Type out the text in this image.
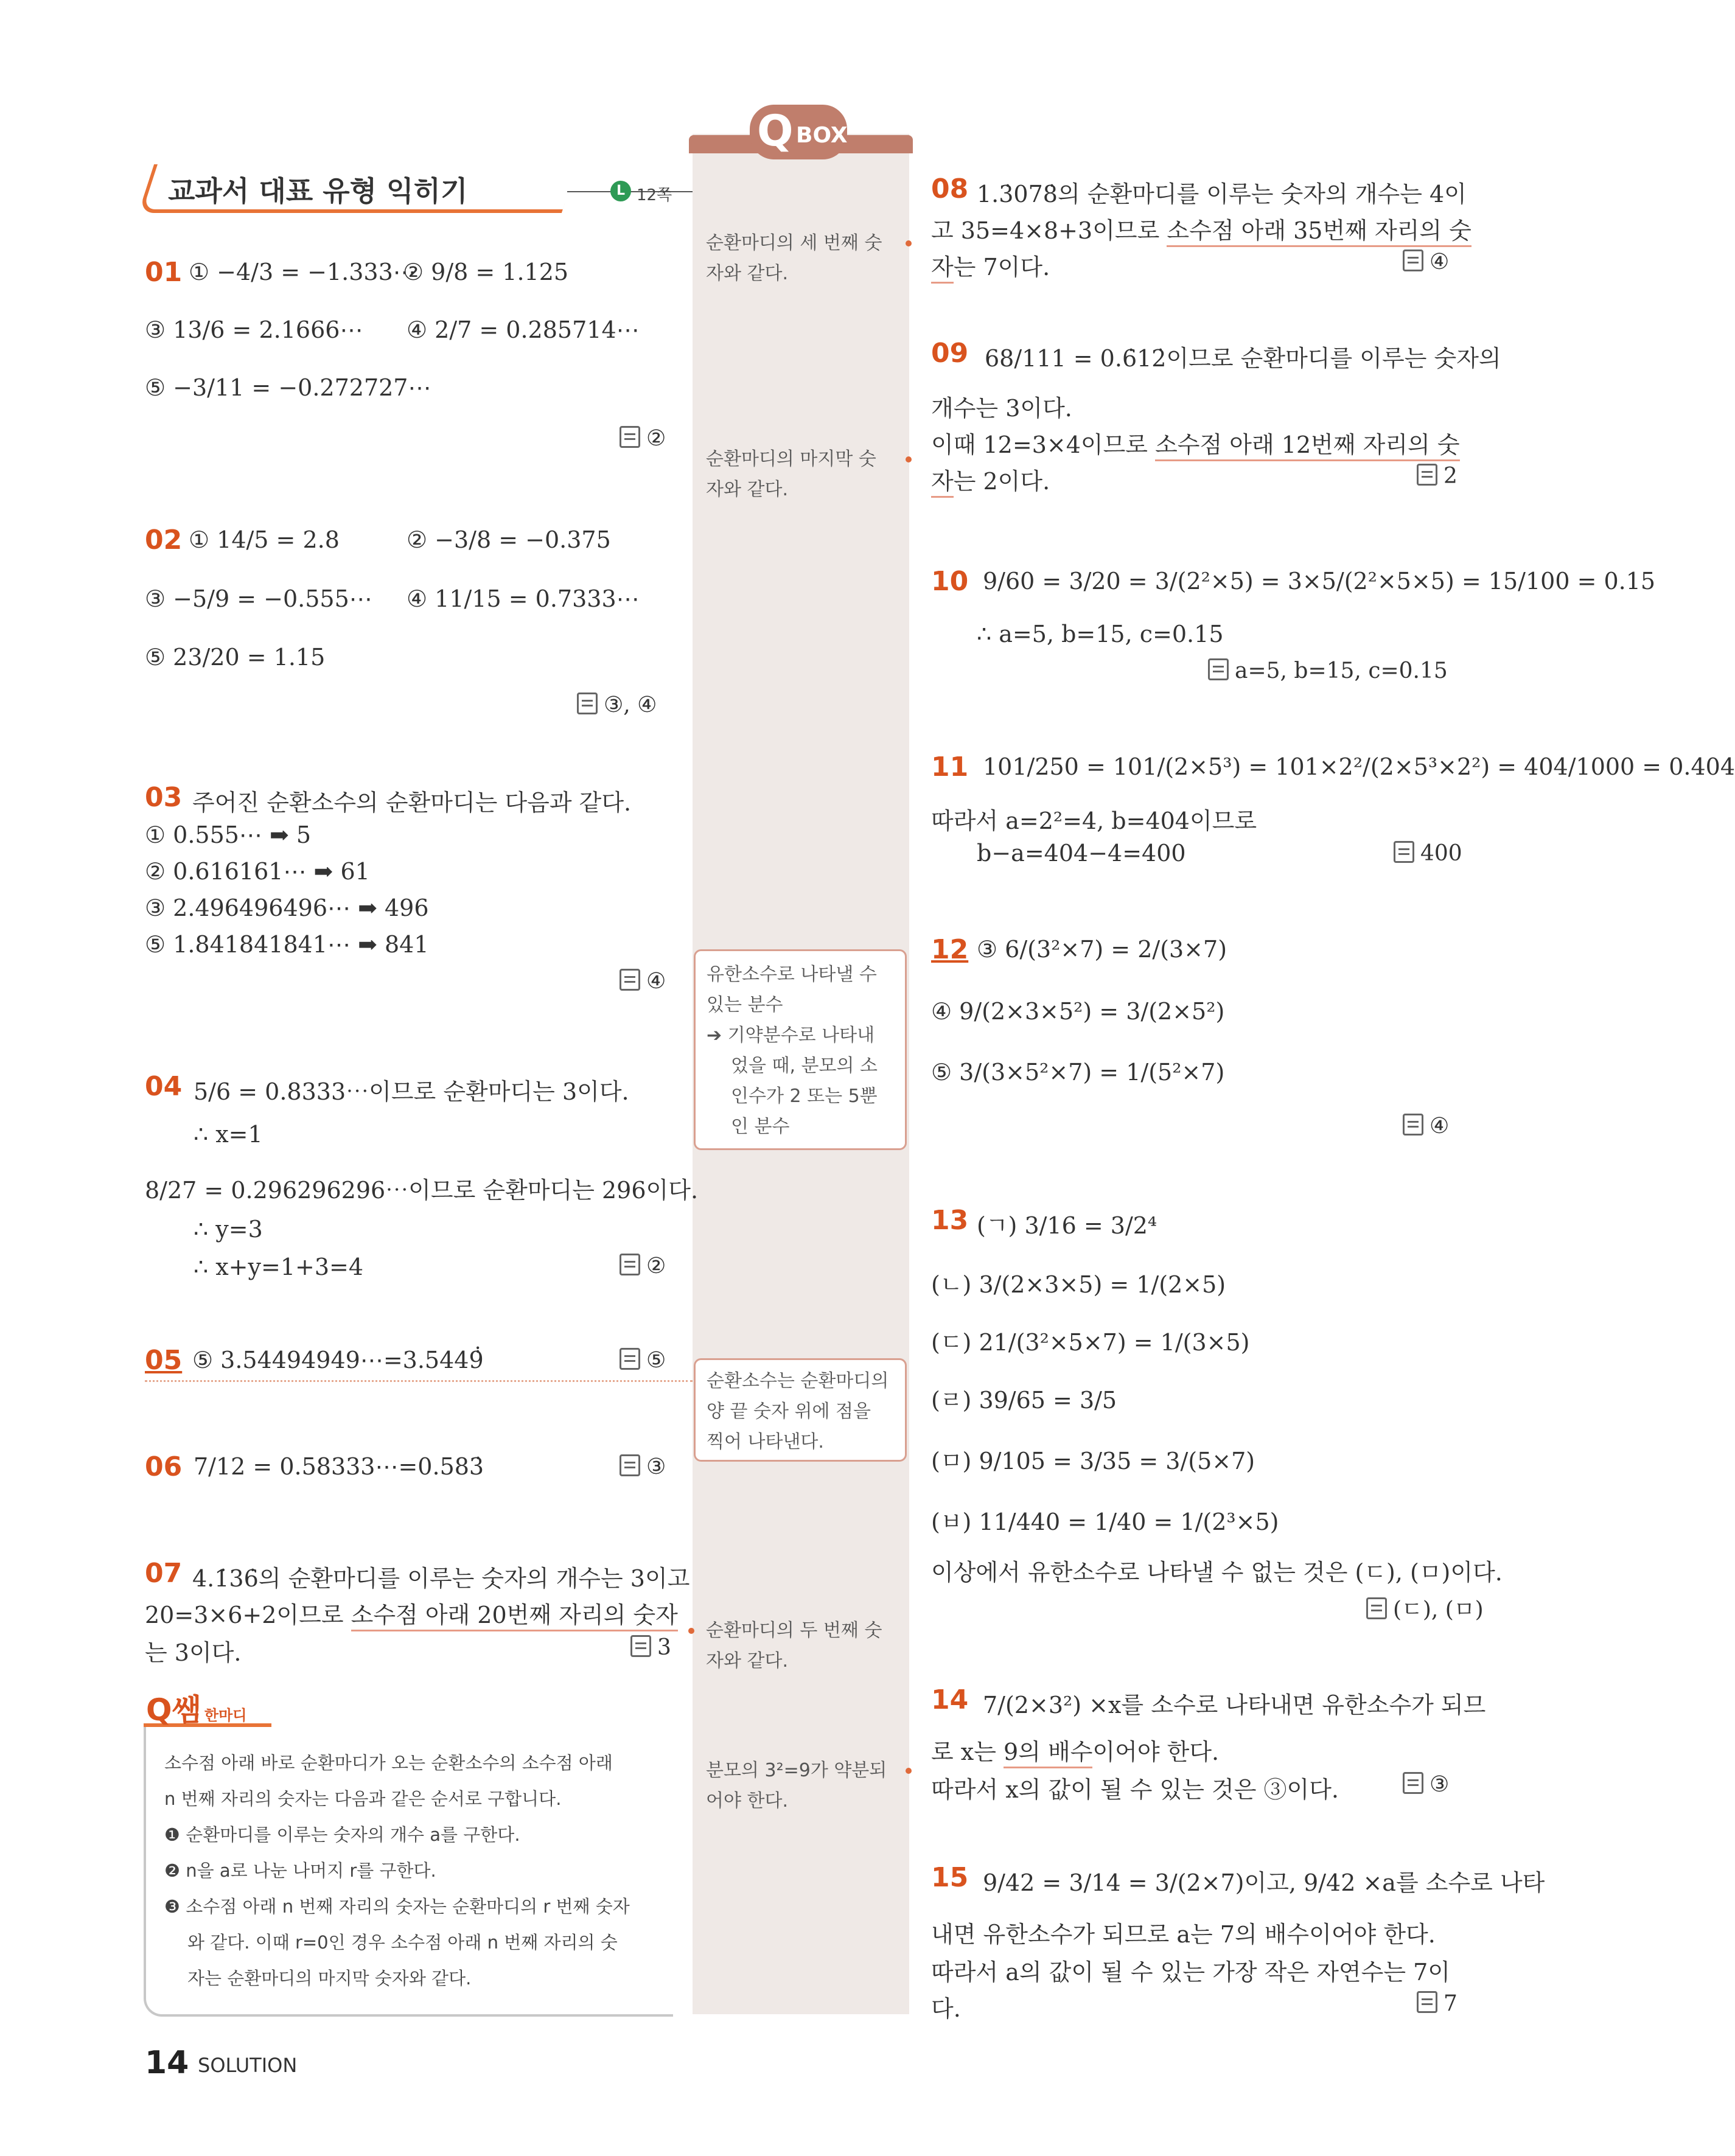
교과서 대표 유형 익히기	L 12쪽
Q BOX
순환마디의 세 번째 숫
자와 같다.
순환마디의 마지막 숫
자와 같다.
유한소수로 나타낼 수
있는 분수
➔ 기약분수로 나타내
었을 때, 분모의 소
인수가 2 또는 5뿐
인 분수
순환소수는 순환마디의
양 끝 숫자 위에 점을
찍어 나타낸다.
순환마디의 두 번째 숫
자와 같다.
분모의 3²=9가 약분되
어야 한다.
01 ① −4/3 = −1.333⋯
② 9/8 = 1.125
③ 13/6 = 2.1666⋯ ④ 2/7 = 0.285714⋯
⑤ −3/11 = −0.272727⋯
②
02 ① 14/5 = 2.8	② −3/8 = −0.375
③ −5/9 = −0.555⋯ ④ 11/15 = 0.7333⋯
⑤ 23/20 = 1.15
③, ④
03 주어진 순환소수의 순환마디는 다음과 같다.
① 0.555⋯ ➡ 5
② 0.616161⋯ ➡ 61
③ 2.496496496⋯ ➡ 496
⑤ 1.841841841⋯ ➡ 841
④
04 5/6 = 0.8333⋯이므로 순환마디는 3이다.
∴ x=1
8/27 = 0.296296296⋯이므로 순환마디는 296이다.
∴ y=3
∴ x+y=1+3=4	②
05 ⑤ 3.54494949⋯=3.5449̇̇	⑤
06 7/12 = 0.58333⋯=0.583̇	③
07 4.1̇36̇의 순환마디를 이루는 숫자의 개수는 3이고
20=3×6+2이므로 소수점 아래 20번째 자리의 숫자
는 3이다.	3
Q쌤 한마디
소수점 아래 바로 순환마디가 오는 순환소수의 소수점 아래
n 번째 자리의 숫자는 다음과 같은 순서로 구합니다.
❶ 순환마디를 이루는 숫자의 개수 a를 구한다.
❷ n을 a로 나눈 나머지 r를 구한다.
❸ 소수점 아래 n 번째 자리의 숫자는 순환마디의 r 번째 숫자
와 같다. 이때 r=0인 경우 소수점 아래 n 번째 자리의 숫
자는 순환마디의 마지막 숫자와 같다.
08 1.3̇078̇의 순환마디를 이루는 숫자의 개수는 4이
고 35=4×8+3이므로 소수점 아래 35번째 자리의 숫
자는 7이다.	④
09 68/111 = 0.6̇12̇이므로 순환마디를 이루는 숫자의
개수는 3이다.
이때 12=3×4이므로 소수점 아래 12번째 자리의 숫
자는 2이다.	2
10 9/60 = 3/20 = 3/(2²×5) = 3×5/(2²×5×5) = 15/100 = 0.15
∴ a=5, b=15, c=0.15
a=5, b=15, c=0.15
11 101/250 = 101/(2×5³) = 101×2²/(2×5³×2²) = 404/1000 = 0.404
따라서 a=2²=4, b=404이므로
b−a=404−4=400	400
12 ③ 6/(3²×7) = 2/(3×7)
④ 9/(2×3×5²) = 3/(2×5²)
⑤ 3/(3×5²×7) = 1/(5²×7)
④
13 (ㄱ) 3/16 = 3/2⁴
(ㄴ) 3/(2×3×5) = 1/(2×5)
(ㄷ) 21/(3²×5×7) = 1/(3×5)
(ㄹ) 39/65 = 3/5
(ㅁ) 9/105 = 3/35 = 3/(5×7)
(ㅂ) 11/440 = 1/40 = 1/(2³×5)
이상에서 유한소수로 나타낼 수 없는 것은 (ㄷ), (ㅁ)이다.
(ㄷ), (ㅁ)
14 7/(2×3²) ×x를 소수로 나타내면 유한소수가 되므
로 x는 9의 배수이어야 한다.
따라서 x의 값이 될 수 있는 것은 ③이다.	③
15 9/42 = 3/14 = 3/(2×7)이고, 9/42 ×a를 소수로 나타
내면 유한소수가 되므로 a는 7의 배수이어야 한다.
따라서 a의 값이 될 수 있는 가장 작은 자연수는 7이
다.	7
14 SOLUTION
